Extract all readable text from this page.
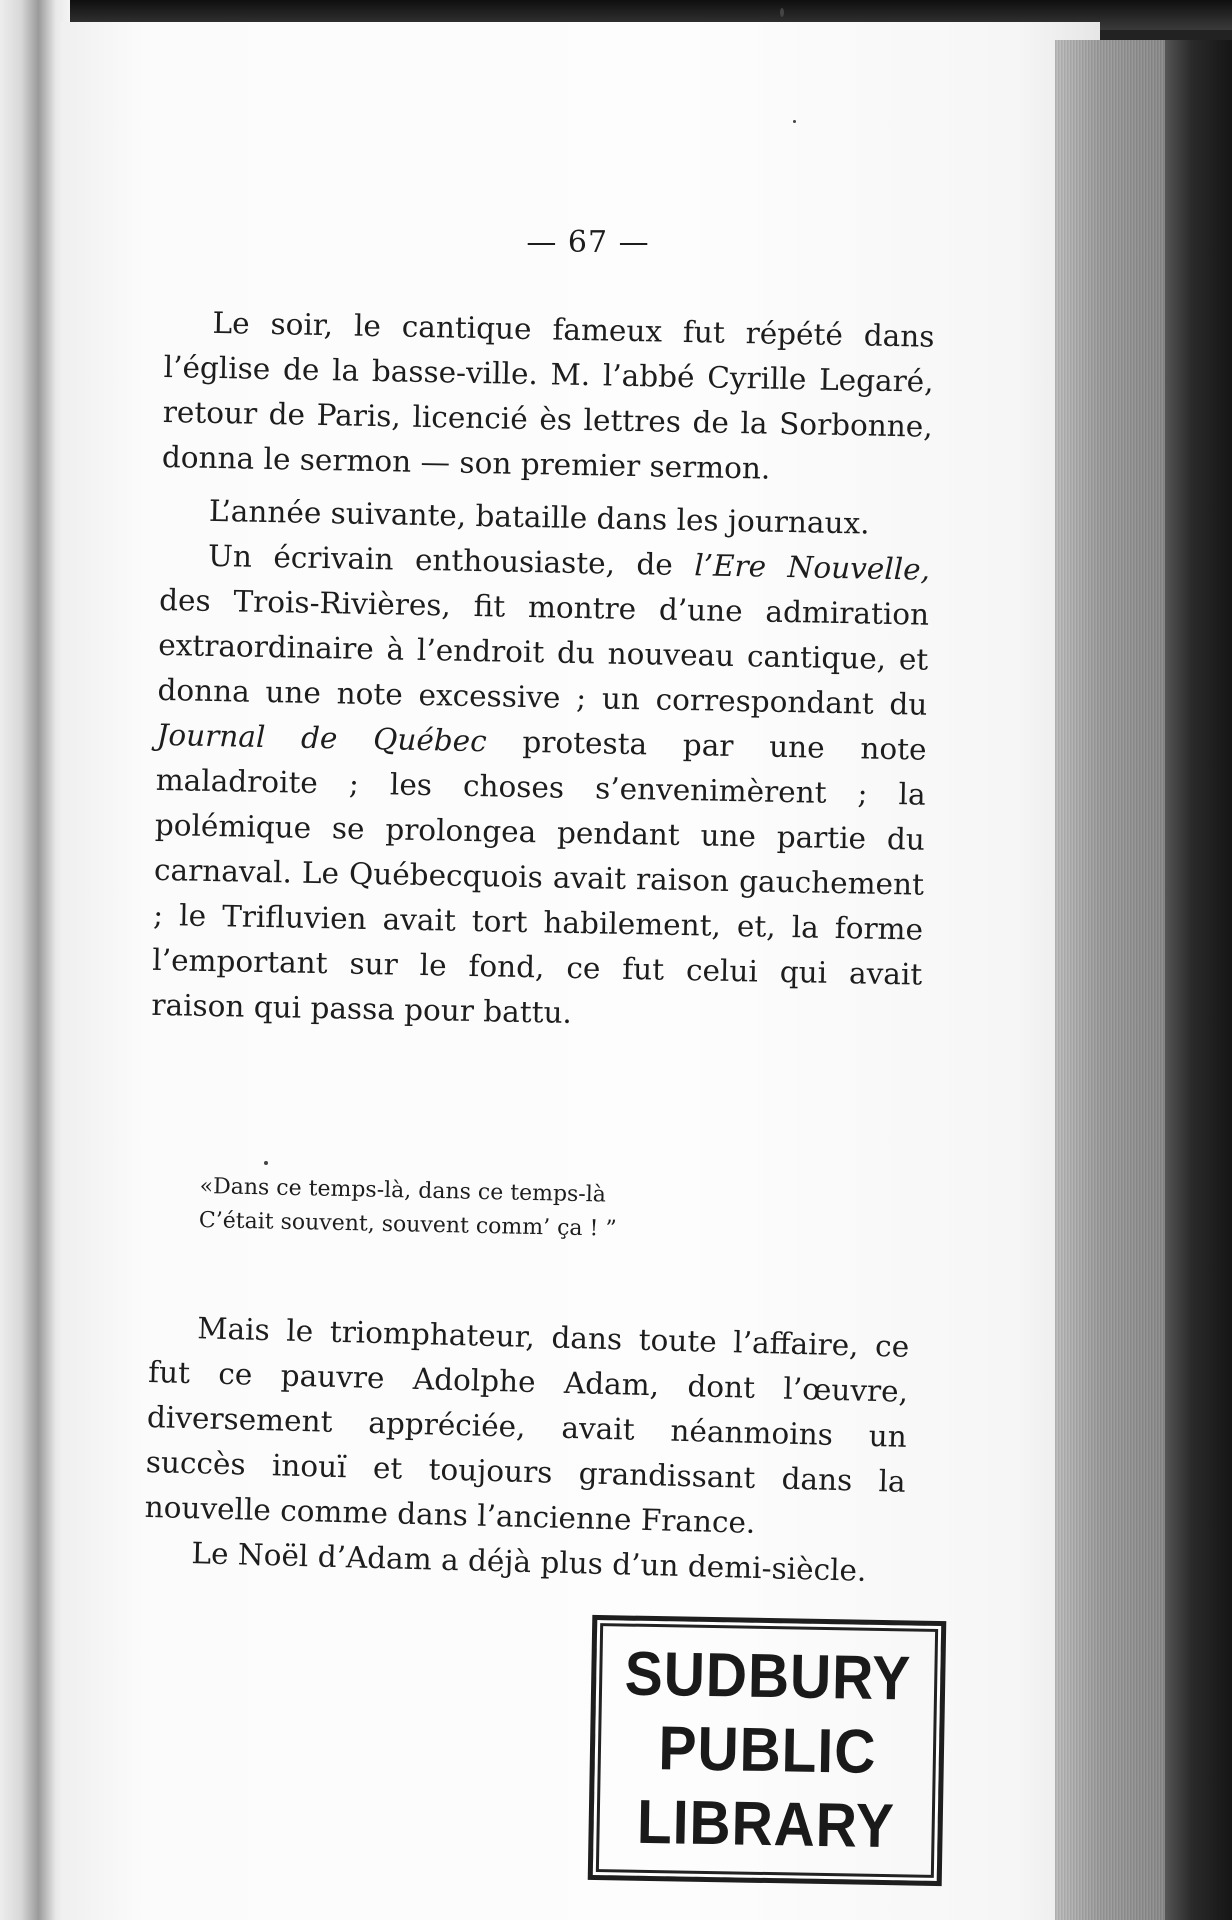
— 67 —

Le soir, le cantique fameux fut répété dans l’église de la basse-ville. M. l’abbé Cyrille Legaré, retour de Paris, licencié ès lettres de la Sorbonne, donna le sermon — son premier sermon.

L’année suivante, bataille dans les journaux.

Un écrivain enthousiaste, de l’Ere Nouvelle, des Trois-Rivières, fit montre d’une admiration extraordinaire à l’endroit du nouveau cantique, et donna une note excessive ; un correspondant du Journal de Québec protesta par une note maladroite ; les choses s’envenimèrent ; la polémique se prolongea pendant une partie du carnaval. Le Québecquois avait raison gauchement ; le Trifluvien avait tort habilement, et, la forme l’emportant sur le fond, ce fut celui qui avait raison qui passa pour battu.

«Dans ce temps-là, dans ce temps-là

C’était souvent, souvent comm’ ça ! ”

Mais le triomphateur, dans toute l’affaire, ce fut ce pauvre Adolphe Adam, dont l’œuvre, diversement appréciée, avait néanmoins un succès inouï et toujours grandissant dans la nouvelle comme dans l’ancienne France.

Le Noël d’Adam a déjà plus d’un demi-siècle.

SUDBURY
PUBLIC
LIBRARY
